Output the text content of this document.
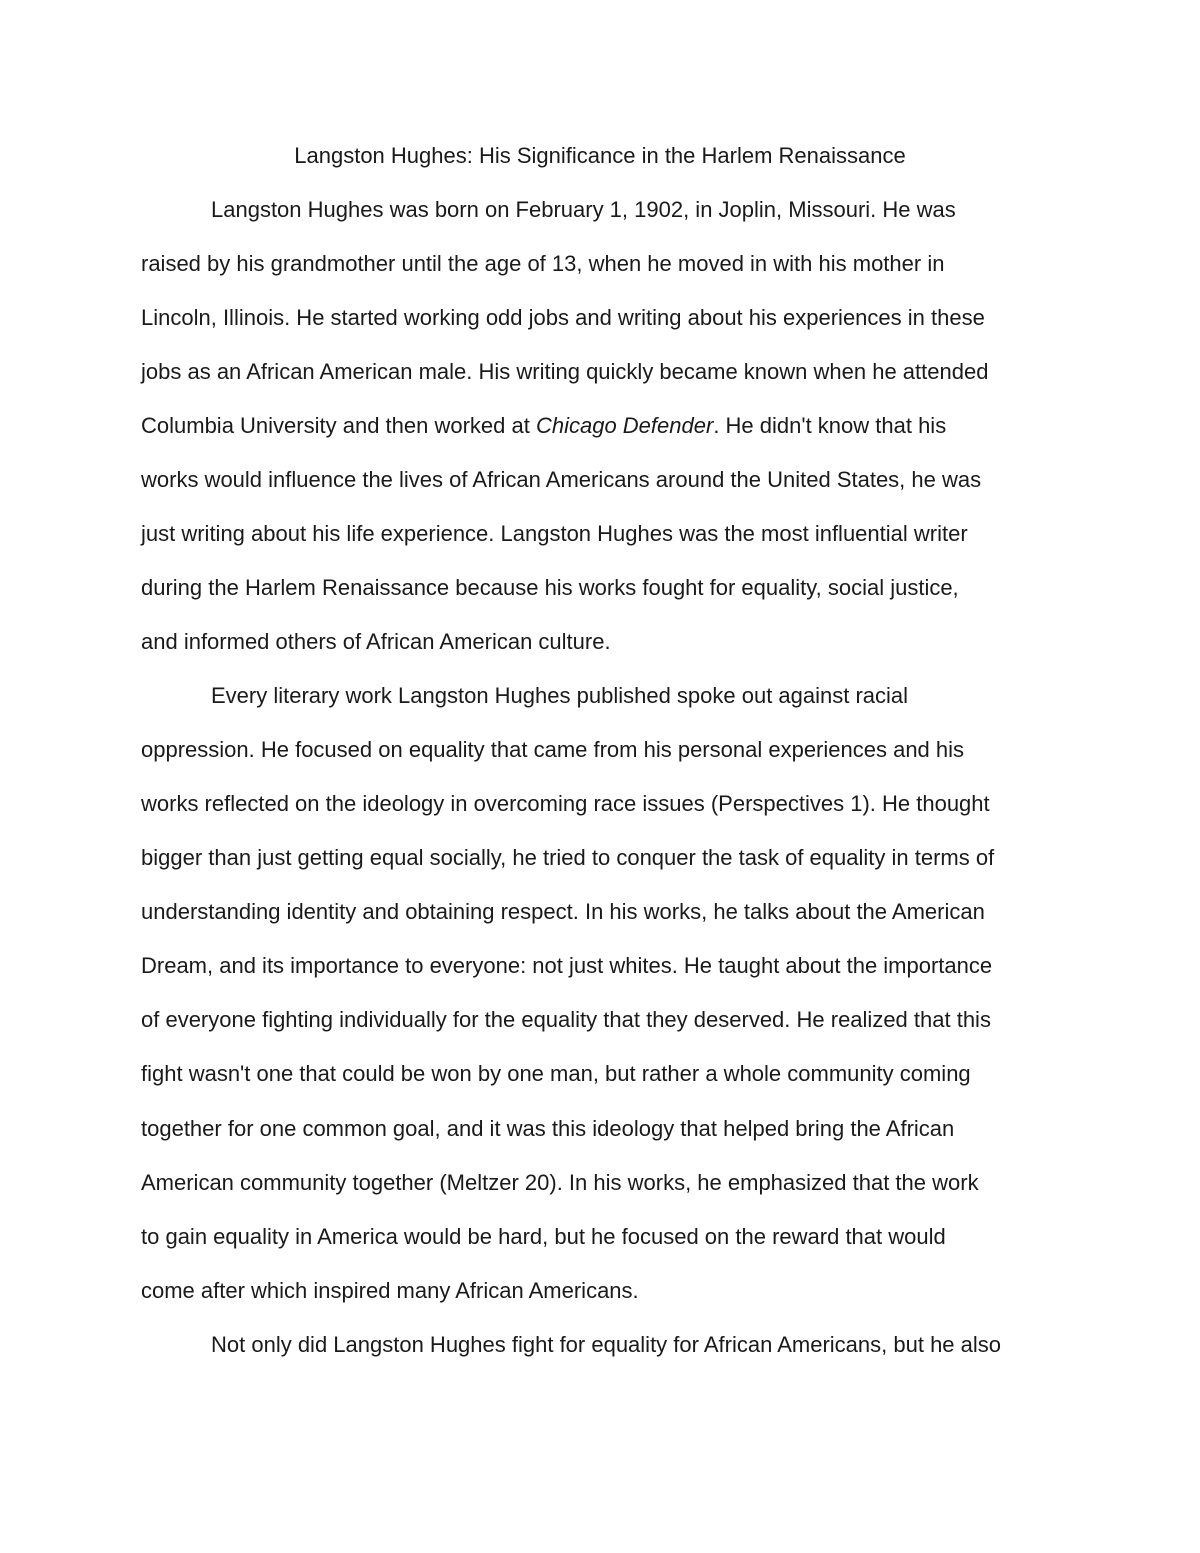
Langston Hughes: His Significance in the Harlem Renaissance
Langston Hughes was born on February 1, 1902, in Joplin, Missouri. He was
raised by his grandmother until the age of 13, when he moved in with his mother in
Lincoln, Illinois. He started working odd jobs and writing about his experiences in these
jobs as an African American male. His writing quickly became known when he attended
Columbia University and then worked at Chicago Defender. He didn't know that his
works would influence the lives of African Americans around the United States, he was
just writing about his life experience. Langston Hughes was the most influential writer
during the Harlem Renaissance because his works fought for equality, social justice,
and informed others of African American culture.
Every literary work Langston Hughes published spoke out against racial
oppression. He focused on equality that came from his personal experiences and his
works reflected on the ideology in overcoming race issues (Perspectives 1). He thought
bigger than just getting equal socially, he tried to conquer the task of equality in terms of
understanding identity and obtaining respect. In his works, he talks about the American
Dream, and its importance to everyone: not just whites. He taught about the importance
of everyone fighting individually for the equality that they deserved. He realized that this
fight wasn't one that could be won by one man, but rather a whole community coming
together for one common goal, and it was this ideology that helped bring the African
American community together (Meltzer 20). In his works, he emphasized that the work
to gain equality in America would be hard, but he focused on the reward that would
come after which inspired many African Americans.
Not only did Langston Hughes fight for equality for African Americans, but he also
